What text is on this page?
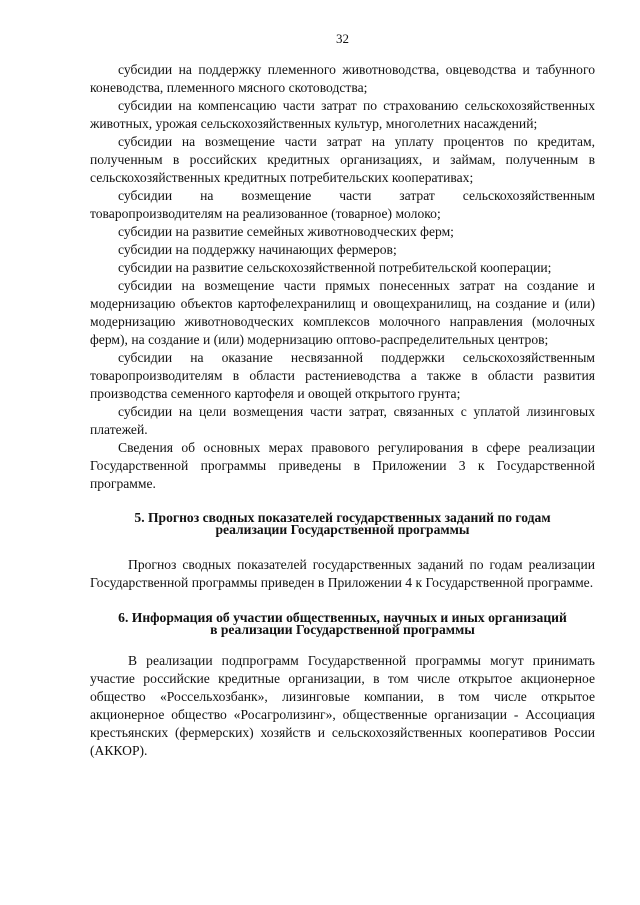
32

субсидии на поддержку племенного животноводства, овцеводства и табунного коневодства, племенного мясного скотоводства;

субсидии на компенсацию части затрат по страхованию сельскохозяйственных животных, урожая сельскохозяйственных культур, многолетних насаждений;

субсидии на возмещение части затрат на уплату процентов по кредитам, полученным в российских кредитных организациях, и займам, полученным в сельскохозяйственных кредитных потребительских кооперативах;

субсидии на возмещение части затрат сельскохозяйственным товаропроизводителям на реализованное (товарное) молоко;

субсидии на развитие семейных животноводческих ферм;

субсидии на поддержку начинающих фермеров;

субсидии на развитие сельскохозяйственной потребительской кооперации;

субсидии на возмещение части прямых понесенных затрат на создание и модернизацию объектов картофелехранилищ и овощехранилищ, на создание и (или) модернизацию животноводческих комплексов молочного направления (молочных ферм), на создание и (или) модернизацию оптово-распределительных центров;

субсидии на оказание несвязанной поддержки сельскохозяйственным товаропроизводителям в области растениеводства а также в области развития производства семенного картофеля и овощей открытого грунта;

субсидии на цели возмещения части затрат, связанных с уплатой лизинговых платежей.

Сведения об основных мерах правового регулирования в сфере реализации Государственной программы приведены в Приложении 3 к Государственной программе.

5. Прогноз сводных показателей государственных заданий по годам
реализации Государственной программы

Прогноз сводных показателей государственных заданий по годам реализации Государственной программы приведен в Приложении 4 к Государственной программе.

6. Информация об участии общественных, научных и иных организаций
в реализации Государственной программы

В реализации подпрограмм Государственной программы могут принимать участие российские кредитные организации, в том числе открытое акционерное общество «Россельхозбанк», лизинговые компании, в том числе открытое акционерное общество «Росагролизинг», общественные организации - Ассоциация крестьянских (фермерских) хозяйств и сельскохозяйственных кооперативов России (АККОР).
